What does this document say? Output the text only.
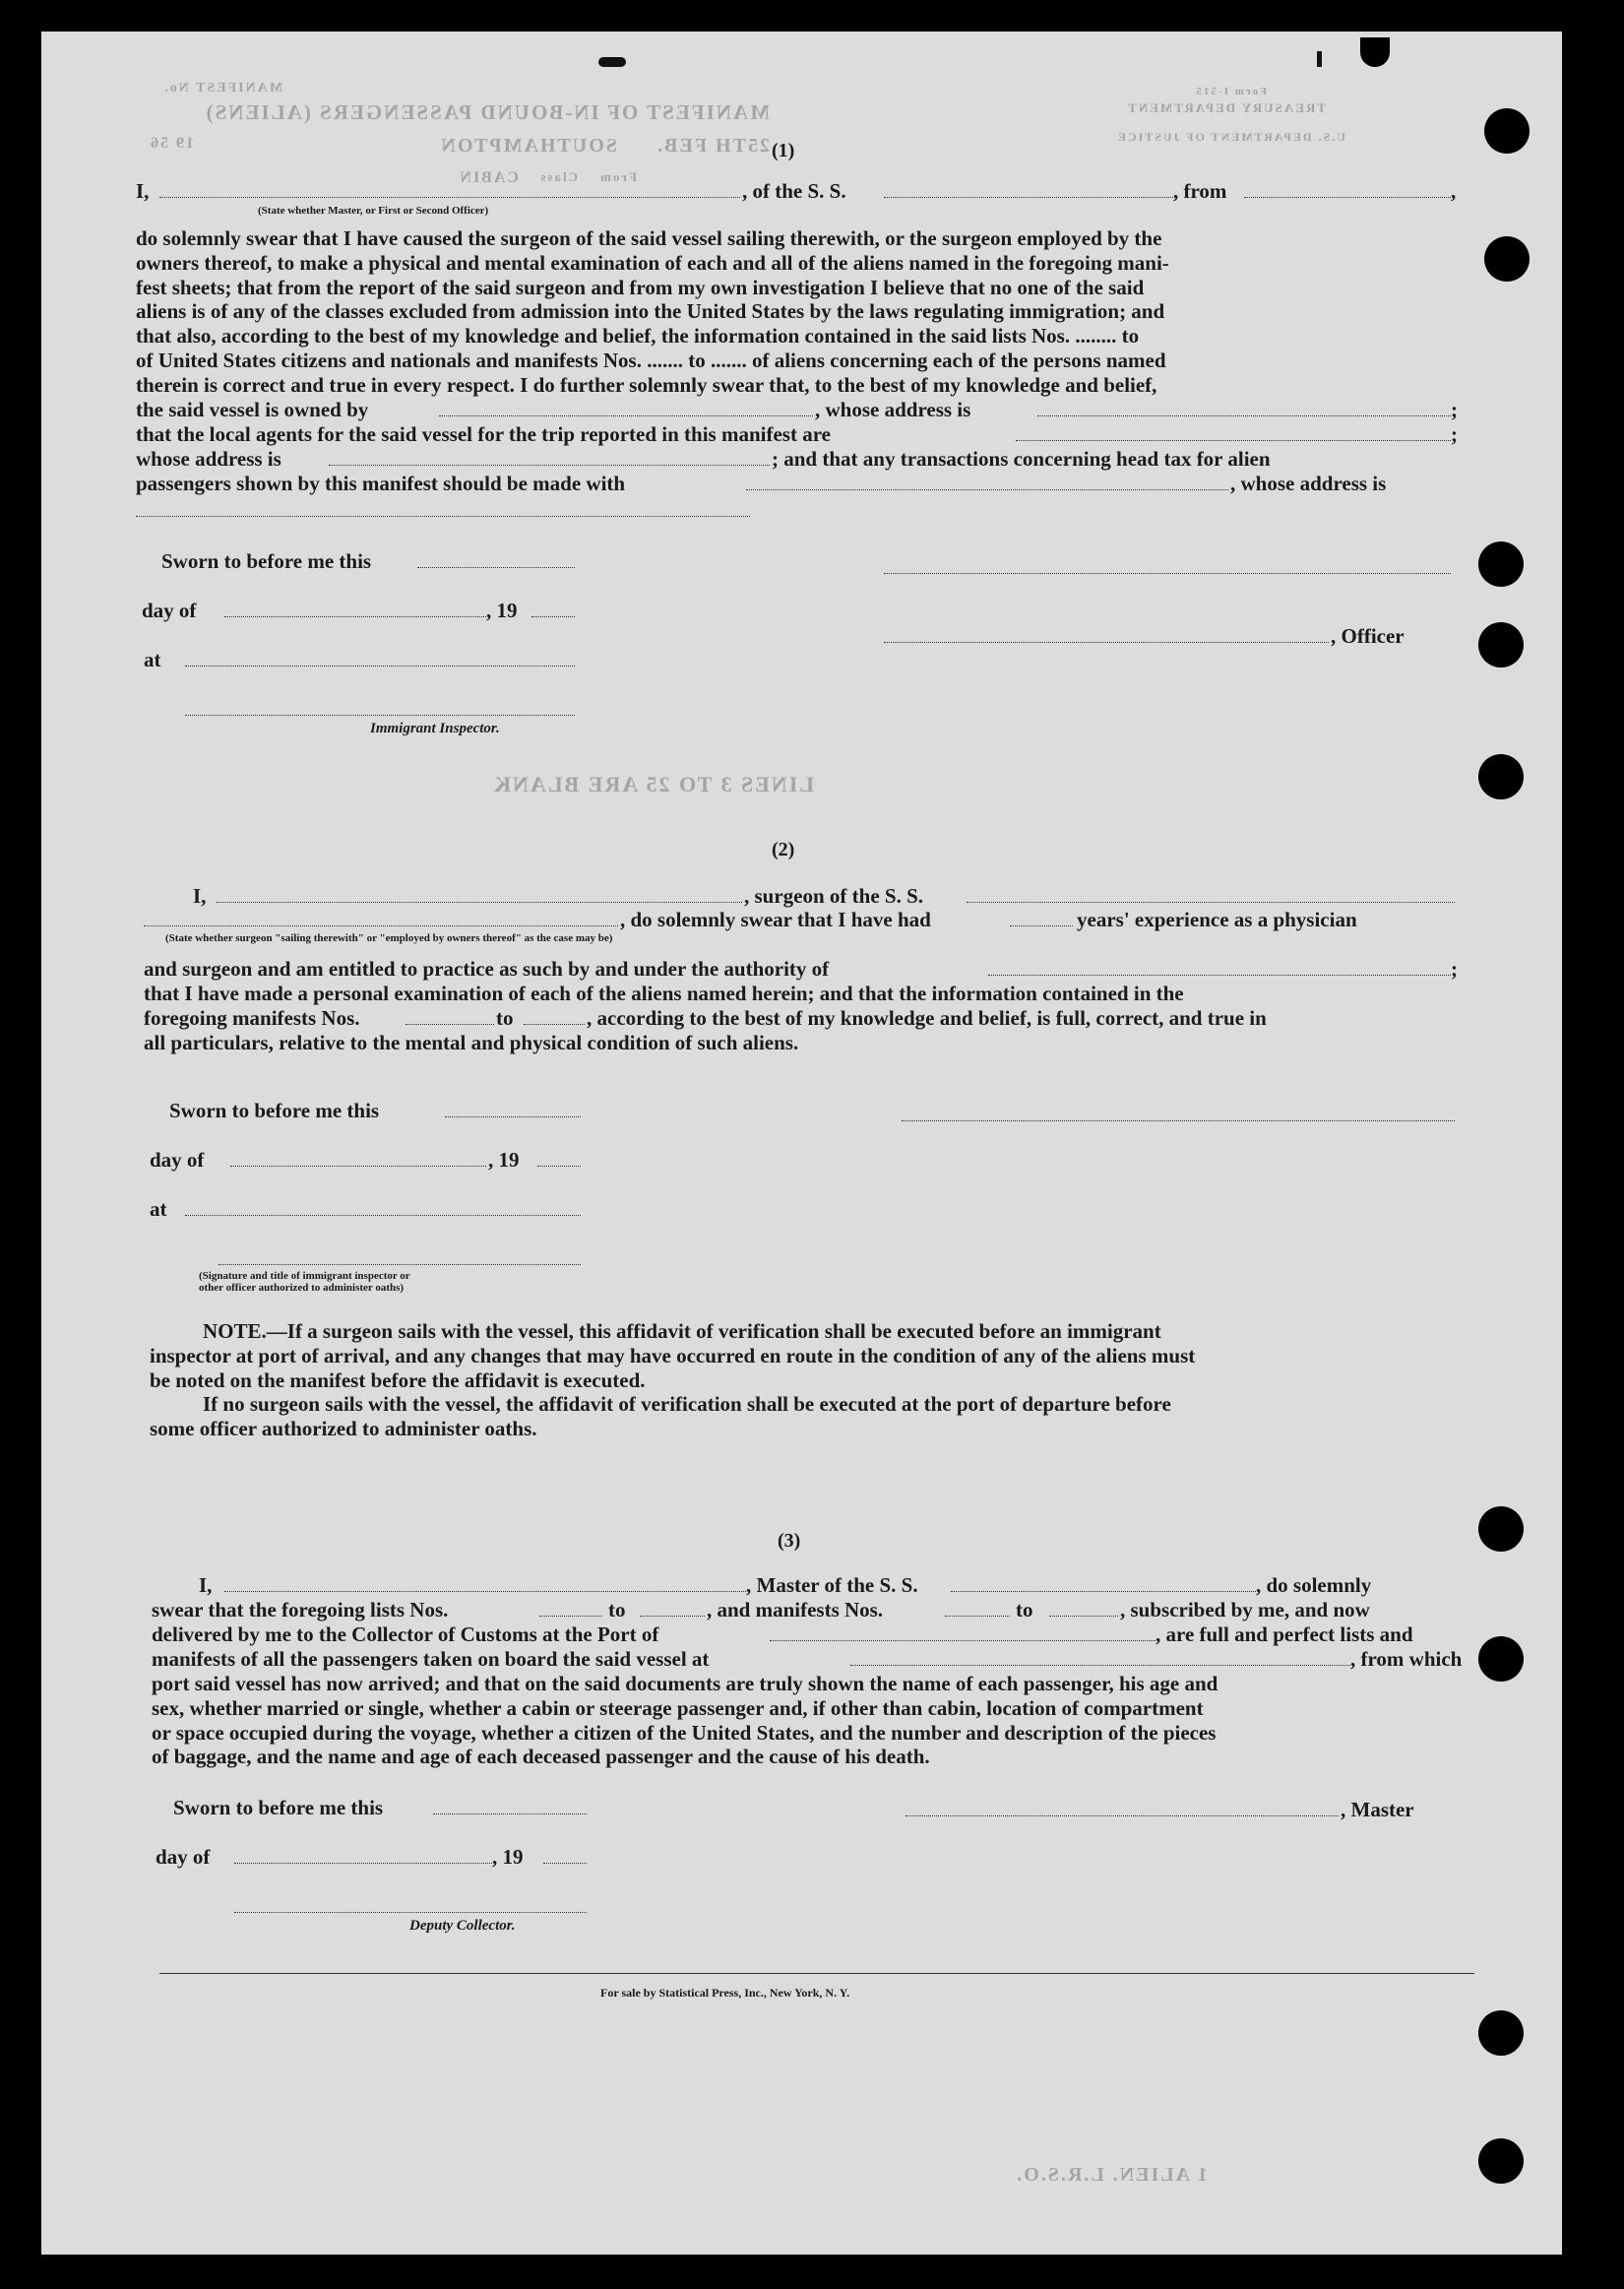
MANIFEST OF IN-BOUND PASSENGERS (ALIENS)
MANIFEST No.
SOUTHAMPTON 25TH FEB.
19 56
Class
CABIN	From
LINES 3 TO 25 ARE BLANK
Form I-515
TREASURY DEPARTMENT
U.S. DEPARTMENT OF JUSTICE
1 ALIEN. L.R.S.O.
(1)
I,	, of the S. S.	, from	,
(State whether Master, or First or Second Officer)
do solemnly swear that I have caused the surgeon of the said vessel sailing therewith, or the surgeon employed by the
owners thereof, to make a physical and mental examination of each and all of the aliens named in the foregoing mani-
fest sheets; that from the report of the said surgeon and from my own investigation I believe that no one of the said
aliens is of any of the classes excluded from admission into the United States by the laws regulating immigration; and
that also, according to the best of my knowledge and belief, the information contained in the said lists Nos. ........ to
of United States citizens and nationals and manifests Nos. ....... to ....... of aliens concerning each of the persons named
therein is correct and true in every respect. I do further solemnly swear that, to the best of my knowledge and belief,
the said vessel is owned by	, whose address is	;
that the local agents for the said vessel for the trip reported in this manifest are	;
whose address is	; and that any transactions concerning head tax for alien
passengers shown by this manifest should be made with	, whose address is
Sworn to before me this
day of	, 19
at
Immigrant Inspector.
, Officer
(2)
I,	, surgeon of the S. S.
, do solemnly swear that I have had	years' experience as a physician
(State whether surgeon "sailing therewith" or "employed by owners thereof" as the case may be)
and surgeon and am entitled to practice as such by and under the authority of	;
that I have made a personal examination of each of the aliens named herein; and that the information contained in the
foregoing manifests Nos.	to	, according to the best of my knowledge and belief, is full, correct, and true in
all particulars, relative to the mental and physical condition of such aliens.
Sworn to before me this
day of	, 19
at
(Signature and title of immigrant inspector or
other officer authorized to administer oaths)
NOTE.—If a surgeon sails with the vessel, this affidavit of verification shall be executed before an immigrant
inspector at port of arrival, and any changes that may have occurred en route in the condition of any of the aliens must
be noted on the manifest before the affidavit is executed.
If no surgeon sails with the vessel, the affidavit of verification shall be executed at the port of departure before
some officer authorized to administer oaths.
(3)
I,	, Master of the S. S.	, do solemnly
swear that the foregoing lists Nos.	to	, and manifests Nos.	to	, subscribed by me, and now
delivered by me to the Collector of Customs at the Port of	, are full and perfect lists and
manifests of all the passengers taken on board the said vessel at	, from which
port said vessel has now arrived; and that on the said documents are truly shown the name of each passenger, his age and
sex, whether married or single, whether a cabin or steerage passenger and, if other than cabin, location of compartment
or space occupied during the voyage, whether a citizen of the United States, and the number and description of the pieces
of baggage, and the name and age of each deceased passenger and the cause of his death.
Sworn to before me this
day of	, 19
Deputy Collector.
, Master
For sale by Statistical Press, Inc., New York, N. Y.
